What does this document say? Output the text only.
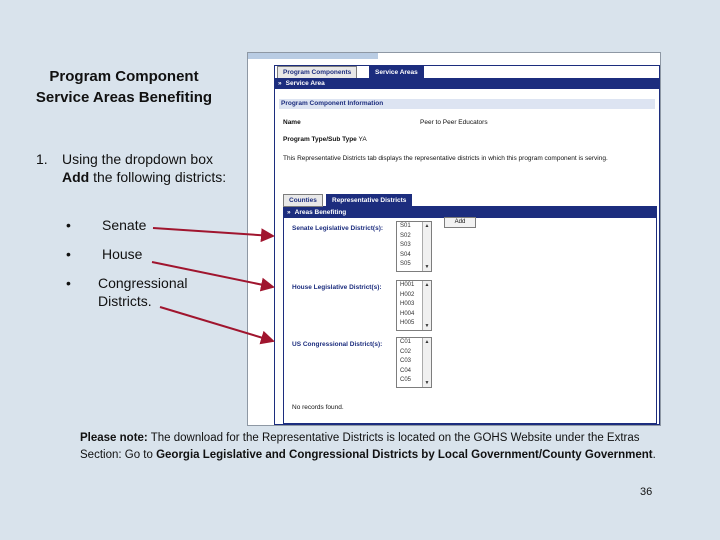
Program Component
Service Areas Benefiting
1. Using the dropdown box Add the following districts:
• Senate
• House
• Congressional
Districts.
Program Components	Service Areas
» Service Area
Program Component Information
Name	Peer to Peer Educators
Program Type/Sub Type YA
This Representative Districts tab displays the representative districts in which this program component is serving.
Counties	Representative Districts
» Areas Benefiting
Senate Legislative District(s):	S01
S02
S03
S04
S05
▲
▼
Add
House Legislative District(s):	H001
H002
H003
H004
H005
▲
▼
US Congressional District(s):	C01
C02
C03
C04
C05
▲
▼
No records found.
Please note: The download for the Representative Districts is located on the GOHS Website under the Extras Section: Go to Georgia Legislative and Congressional Districts by Local Government/County Government.
36
